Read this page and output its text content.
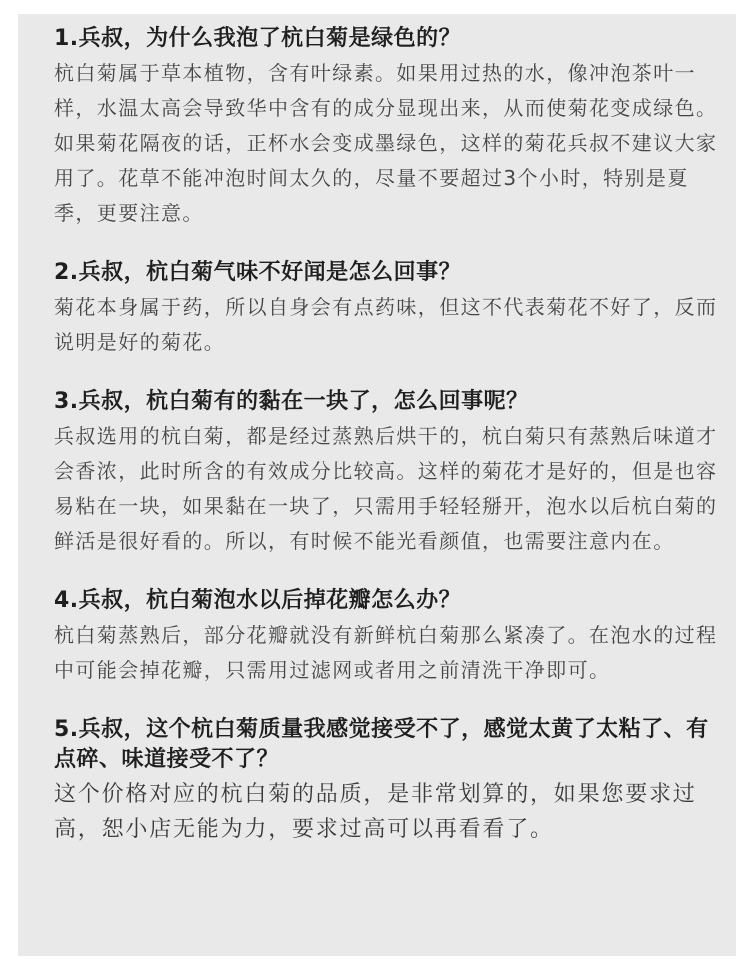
1.兵叔，为什么我泡了杭白菊是绿色的？

杭白菊属于草本植物，含有叶绿素。如果用过热的水，像冲泡茶叶一样，水温太高会导致华中含有的成分显现出来，从而使菊花变成绿色。如果菊花隔夜的话，正杯水会变成墨绿色，这样的菊花兵叔不建议大家用了。花草不能冲泡时间太久的，尽量不要超过3个小时，特别是夏季，更要注意。

2.兵叔，杭白菊气味不好闻是怎么回事？

菊花本身属于药，所以自身会有点药味，但这不代表菊花不好了，反而说明是好的菊花。

3.兵叔，杭白菊有的黏在一块了，怎么回事呢？

兵叔选用的杭白菊，都是经过蒸熟后烘干的，杭白菊只有蒸熟后味道才会香浓，此时所含的有效成分比较高。这样的菊花才是好的，但是也容易粘在一块，如果黏在一块了，只需用手轻轻掰开，泡水以后杭白菊的鲜活是很好看的。所以，有时候不能光看颜值，也需要注意内在。

4.兵叔，杭白菊泡水以后掉花瓣怎么办？

杭白菊蒸熟后，部分花瓣就没有新鲜杭白菊那么紧凑了。在泡水的过程中可能会掉花瓣，只需用过滤网或者用之前清洗干净即可。

5.兵叔，这个杭白菊质量我感觉接受不了，感觉太黄了太粘了、有点碎、味道接受不了？

这个价格对应的杭白菊的品质，是非常划算的，如果您要求过高，恕小店无能为力，要求过高可以再看看了。
